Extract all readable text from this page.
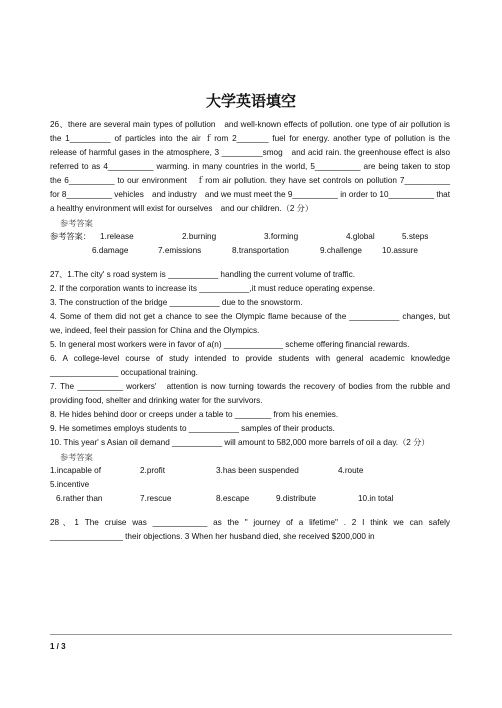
大学英语填空

26、there are several main types of pollution　and well-known effects of pollution. one type of air pollution is the 1_________ of particles into the air ｆrom 2_______ fuel for energy. another type of pollution is the release of harmful gases in the atmosphere, 3 _________smog　and acid rain. the greenhouse effect is also referred to as 4__________ warming. in many countries in the world, 5__________ are being taken to stop the 6__________ to our environment　ｆrom air pollution. they have set controls on pollution 7__________ for 8__________ vehicles　and industry　and we must meet the 9__________ in order to 10__________ that a healthy environment will exist for ourselves　and our children.（2 分）

参考答案
参考答案：	1.release	2.burning	3.forming	4.global	5.steps
6.damage	7.emissions	8.transportation	9.challenge	10.assure

27、1.The city' s road system is ___________ handling the current volume of traffic.

2. If the corporation wants to increase its ___________,it must reduce operating expense.

3. The construction of the bridge ___________ due to the snowstorm.

4. Some of them did not get a chance to see the Olympic flame because of the ___________ changes, but we, indeed, feel their passion for China and the Olympics.

5. In general most workers were in favor of a(n) _____________ scheme offering financial rewards.

6. A college-level course of study intended to provide students with general academic knowledge _______________ occupational training.

7. The __________ workers'　attention is now turning towards the recovery of bodies from the rubble and providing food, shelter and drinking water for the survivors.

8. He hides behind door or creeps under a table to ________ from his enemies.

9. He sometimes employs students to ___________ samples of their products.

10. This year' s Asian oil demand ___________ will amount to 582,000 more barrels of oil a day.（2 分）

参考答案
1.incapable of	2.profit	3.has been suspended	4.route
5.incentive
6.rather than	7.rescue	8.escape	9.distribute	10.in total

28、1 The cruise was ____________ as the " journey of a lifetime" . 2 I think we can safely ________________ their objections. 3 When her husband died, she received $200,000 in

1 / 3
